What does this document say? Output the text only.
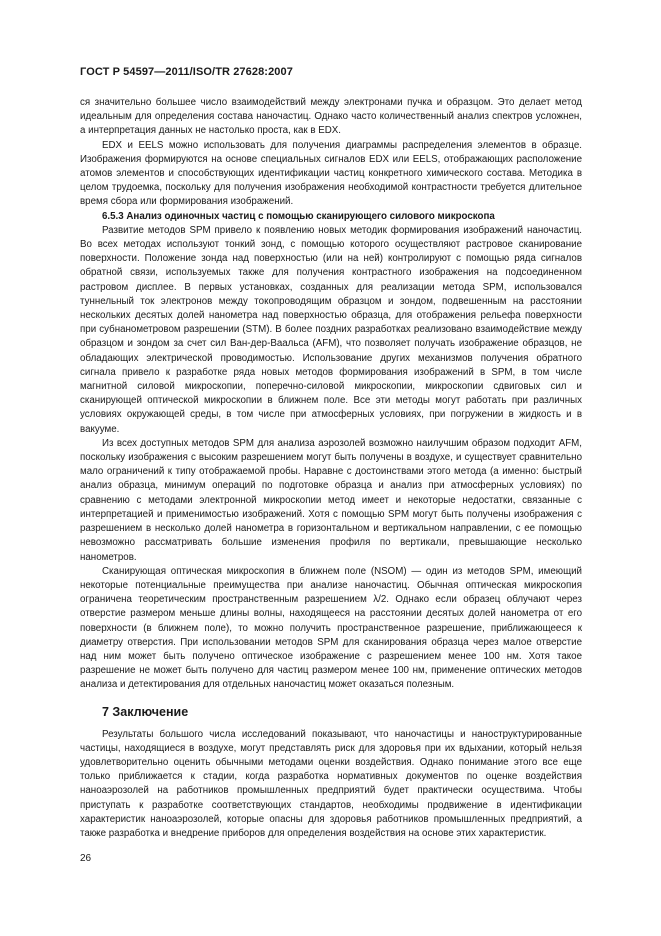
ГОСТ Р 54597—2011/ISO/TR 27628:2007

ся значительно большее число взаимодействий между электронами пучка и образцом. Это делает метод идеальным для определения состава наночастиц. Однако часто количественный анализ спектров усложнен, а интерпретация данных не настолько проста, как в EDX.

EDX и EELS можно использовать для получения диаграммы распределения элементов в образце. Изображения формируются на основе специальных сигналов EDX или EELS, отображающих расположение атомов элементов и способствующих идентификации частиц конкретного химического состава. Методика в целом трудоемка, поскольку для получения изображения необходимой контрастности требуется длительное время сбора или формирования изображений.

6.5.3 Анализ одиночных частиц с помощью сканирующего силового микроскопа

Развитие методов SPM привело к появлению новых методик формирования изображений наночастиц. Во всех методах используют тонкий зонд, с помощью которого осуществляют растровое сканирование поверхности. Положение зонда над поверхностью (или на ней) контролируют с помощью ряда сигналов обратной связи, используемых также для получения контрастного изображения на подсоединенном растровом дисплее. В первых установках, созданных для реализации метода SPM, использовался туннельный ток электронов между токопроводящим образцом и зондом, подвешенным на расстоянии нескольких десятых долей нанометра над поверхностью образца, для отображения рельефа поверхности при субнанометровом разрешении (STM). В более поздних разработках реализовано взаимодействие между образцом и зондом за счет сил Ван-дер-Ваальса (AFM), что позволяет получать изображение образцов, не обладающих электрической проводимостью. Использование других механизмов получения обратного сигнала привело к разработке ряда новых методов формирования изображений в SPM, в том числе магнитной силовой микроскопии, поперечно-силовой микроскопии, микроскопии сдвиговых сил и сканирующей оптической микроскопии в ближнем поле. Все эти методы могут работать при различных условиях окружающей среды, в том числе при атмосферных условиях, при погружении в жидкость и в вакууме.

Из всех доступных методов SPM для анализа аэрозолей возможно наилучшим образом подходит AFM, поскольку изображения с высоким разрешением могут быть получены в воздухе, и существует сравнительно мало ограничений к типу отображаемой пробы. Наравне с достоинствами этого метода (а именно: быстрый анализ образца, минимум операций по подготовке образца и анализ при атмосферных условиях) по сравнению с методами электронной микроскопии метод имеет и некоторые недостатки, связанные с интерпретацией и применимостью изображений. Хотя с помощью SPM могут быть получены изображения с разрешением в несколько долей нанометра в горизонтальном и вертикальном направлении, с ее помощью невозможно рассматривать большие изменения профиля по вертикали, превышающие несколько нанометров.

Сканирующая оптическая микроскопия в ближнем поле (NSOM) — один из методов SPM, имеющий некоторые потенциальные преимущества при анализе наночастиц. Обычная оптическая микроскопия ограничена теоретическим пространственным разрешением λ/2. Однако если образец облучают через отверстие размером меньше длины волны, находящееся на расстоянии десятых долей нанометра от его поверхности (в ближнем поле), то можно получить пространственное разрешение, приближающееся к диаметру отверстия. При использовании методов SPM для сканирования образца через малое отверстие над ним может быть получено оптическое изображение с разрешением менее 100 нм. Хотя такое разрешение не может быть получено для частиц размером менее 100 нм, применение оптических методов анализа и детектирования для отдельных наночастиц может оказаться полезным.

7 Заключение

Результаты большого числа исследований показывают, что наночастицы и наноструктурированные частицы, находящиеся в воздухе, могут представлять риск для здоровья при их вдыхании, который нельзя удовлетворительно оценить обычными методами оценки воздействия. Однако понимание этого все еще только приближается к стадии, когда разработка нормативных документов по оценке воздействия наноаэрозолей на работников промышленных предприятий будет практически осуществима. Чтобы приступать к разработке соответствующих стандартов, необходимы продвижение в идентификации характеристик наноаэрозолей, которые опасны для здоровья работников промышленных предприятий, а также разработка и внедрение приборов для определения воздействия на основе этих характеристик.

26
